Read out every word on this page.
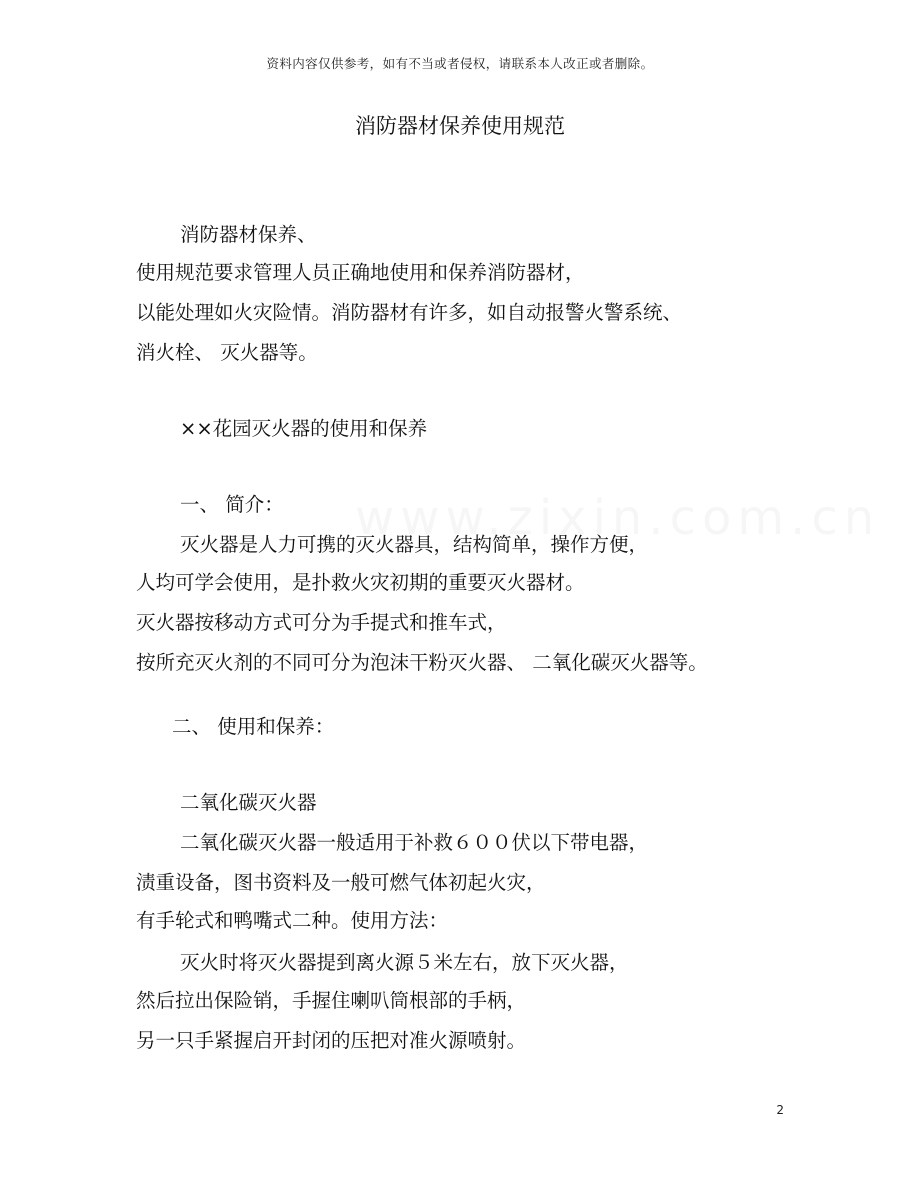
资料内容仅供参考，如有不当或者侵权，请联系本人改正或者删除。
消防器材保养使用规范
消防器材保养、
使用规范要求管理人员正确地使用和保养消防器材，
以能处理如火灾险情。消防器材有许多，如自动报警火警系统、
消火栓、 灭火器等。
××花园灭火器的使用和保养
一、 简介：
灭火器是人力可携的灭火器具，结构简单，操作方便，
人均可学会使用，是扑救火灾初期的重要灭火器材。
灭火器按移动方式可分为手提式和推车式，
按所充灭火剂的不同可分为泡沫干粉灭火器、 二氧化碳灭火器等。
二、 使用和保养：
二氧化碳灭火器
二氧化碳灭火器一般适用于补救６００伏以下带电器，
渍重设备，图书资料及一般可燃气体初起火灾，
有手轮式和鸭嘴式二种。使用方法：
灭火时将灭火器提到离火源５米左右，放下灭火器，
然后拉出保险销，手握住喇叭筒根部的手柄，
另一只手紧握启开封闭的压把对准火源喷射。
2
